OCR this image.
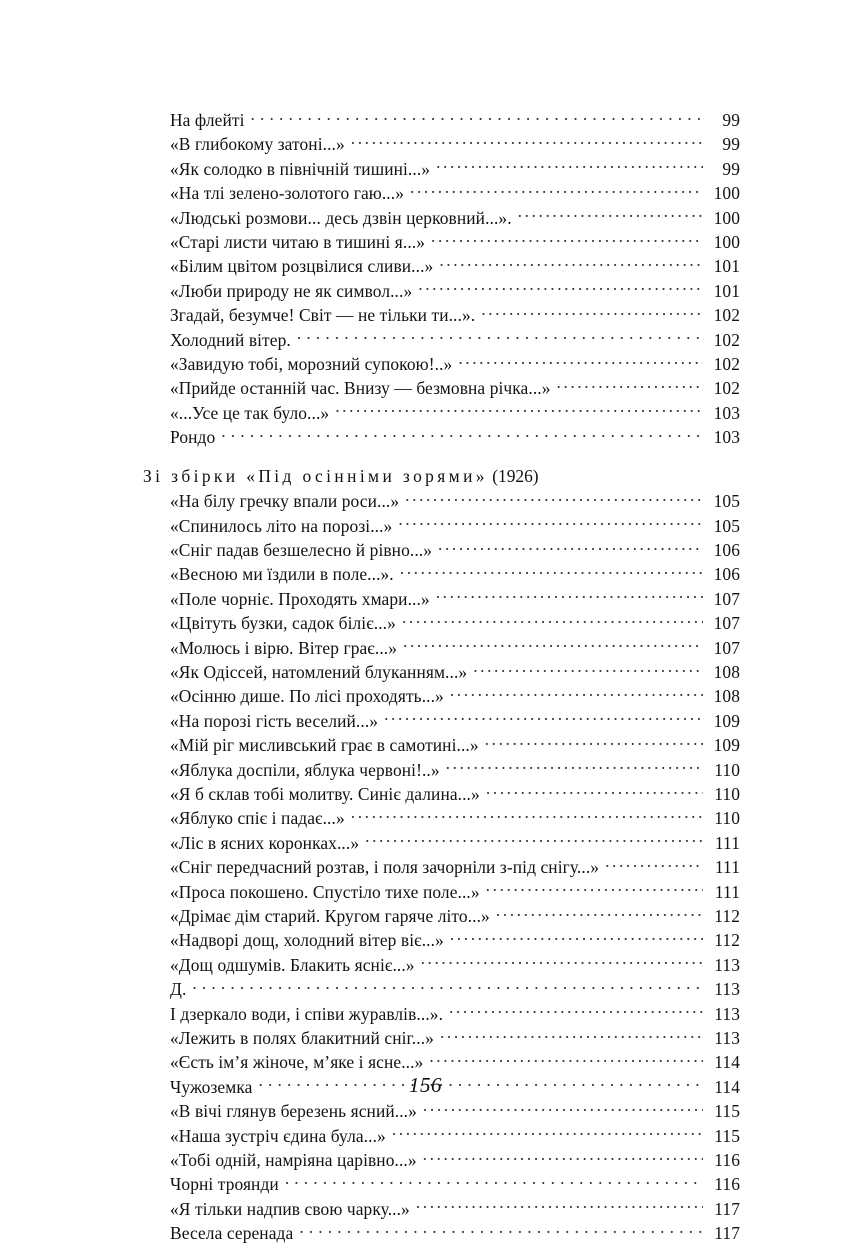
На флейті . . .	99
«В глибокому затоні...» .....	99
«Як солодко в північній тишині...» .....	99
«На тлі зелено-золотого гаю...» .....	100
«Людські розмови... десь дзвін церковний...». .....	100
«Старі листи читаю в тишині я...» .....	100
«Білим цвітом розцвілися сливи...» .....	101
«Люби природу не як символ...» .....	101
Згадай, безумче! Світ — не тільки ти...». .....	102
Холодний вітер. . . .	102
«Завидую тобі, морозний супокою!..» .....	102
«Прийде останній час. Внизу — безмовна річка...» .....	102
«...Усе це так було...» .....	103
Рондо . . .	103
Зі збірки «Під осінніми зорями» (1926)
«На білу гречку впали роси...» .....	105
«Спинилось літо на порозі...» .....	105
«Сніг падав безшелесно й рівно...» .....	106
«Весною ми їздили в поле...». .....	106
«Поле чорніє. Проходять хмари...» .....	107
«Цвітуть бузки, садок біліє...» .....	107
«Молюсь і вірю. Вітер грає...» .....	107
«Як Одіссей, натомлений блуканням...» .....	108
«Осінню дише. По лісі проходять...» .....	108
«На порозі гість веселий...» .....	109
«Мій ріг мисливський грає в самотині...» .....	109
«Яблука доспіли, яблука червоні!..» .....	110
«Я б склав тобі молитву. Синіє далина...» .....	110
«Яблуко спіє і падає...» .....	110
«Ліс в ясних коронках...» .....	111
«Сніг передчасний розтав, і поля зачорніли з-під снігу...» .....	111
«Проса покошено. Спустіло тихе поле...» .....	111
«Дрімає дім старий. Кругом гаряче літо...» .....	112
«Надворі дощ, холодний вітер віє...» .....	112
«Дощ одшумів. Блакить ясніє...» .....	113
Д. . . .	113
І дзеркало води, і співи журавлів...». .....	113
«Лежить в полях блакитний сніг...» .....	113
«Єсть ім’я жіноче, м’яке і ясне...» .....	114
Чужоземка . . .	114
«В вічі глянув березень ясний...» .....	115
«Наша зустріч єдина була...» .....	115
«Тобі одній, намріяна царівно...» .....	116
Чорні троянди . . .	116
«Я тільки надпив свою чарку...» .....	117
Весела серенада . . .	117
156
